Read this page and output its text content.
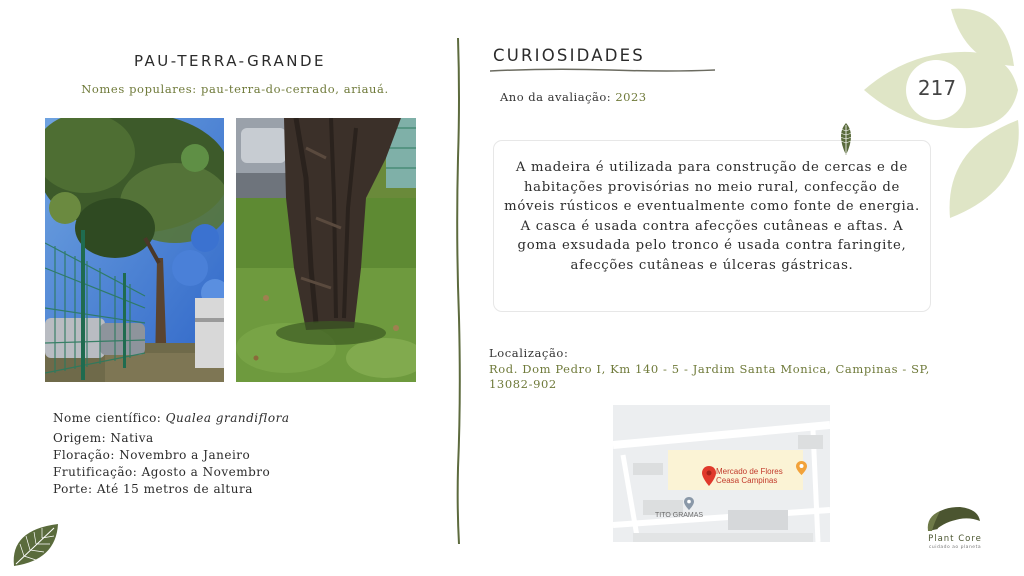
PAU-TERRA-GRANDE
Nomes populares: pau-terra-do-cerrado, ariauá.
Nome científico: Qualea grandiflora
Origem: Nativa
Floração: Novembro a Janeiro
Frutificação: Agosto a Novembro
Porte: Até 15 metros de altura
CURIOSIDADES
Ano da avaliação: 2023	217
A madeira é utilizada para construção de cercas e de habitações provisórias no meio rural, confecção de móveis rústicos e eventualmente como fonte de energia. A casca é usada contra afecções cutâneas e aftas. A goma exsudada pelo tronco é usada contra faringite, afecções cutâneas e úlceras gástricas.
Localização:
Rod. Dom Pedro I, Km 140 - 5 - Jardim Santa Monica, Campinas - SP, 13082-902
Mercado de Flores
Ceasa Campinas
TITO GRAMAS
Plant Core
cuidado ao planeta
